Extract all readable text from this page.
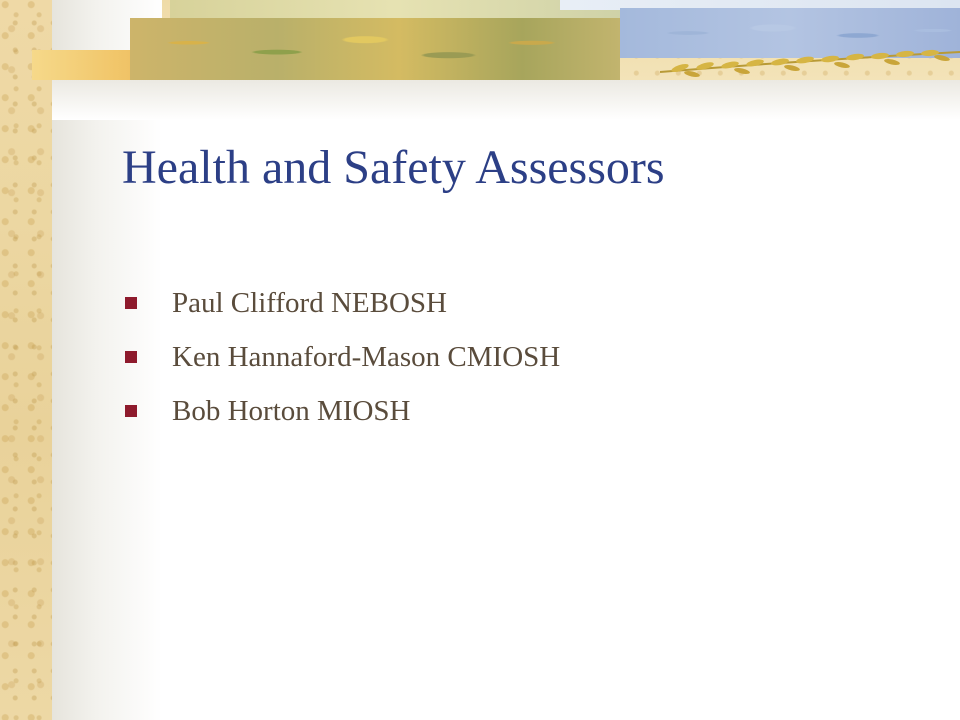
Health and Safety Assessors
Paul Clifford NEBOSH
Ken Hannaford-Mason CMIOSH
Bob Horton MIOSH
